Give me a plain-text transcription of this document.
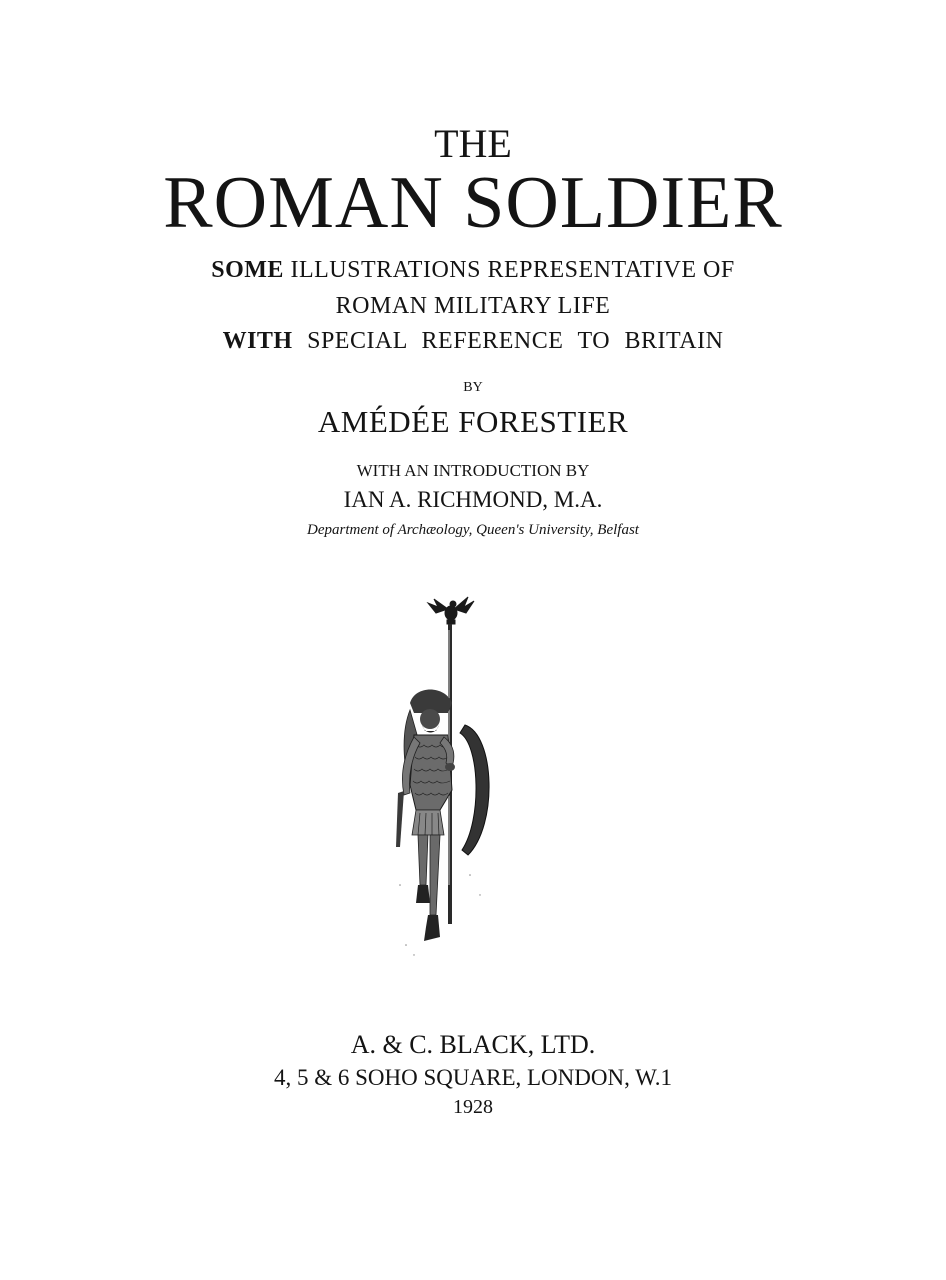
THE
ROMAN SOLDIER
SOME ILLUSTRATIONS REPRESENTATIVE OF
ROMAN MILITARY LIFE
WITH SPECIAL REFERENCE TO BRITAIN
BY
AMÉDÉE FORESTIER
WITH AN INTRODUCTION BY
IAN A. RICHMOND, M.A.
Department of Archæology, Queen's University, Belfast
A. & C. BLACK, LTD.
4, 5 & 6 SOHO SQUARE, LONDON, W.1
1928
